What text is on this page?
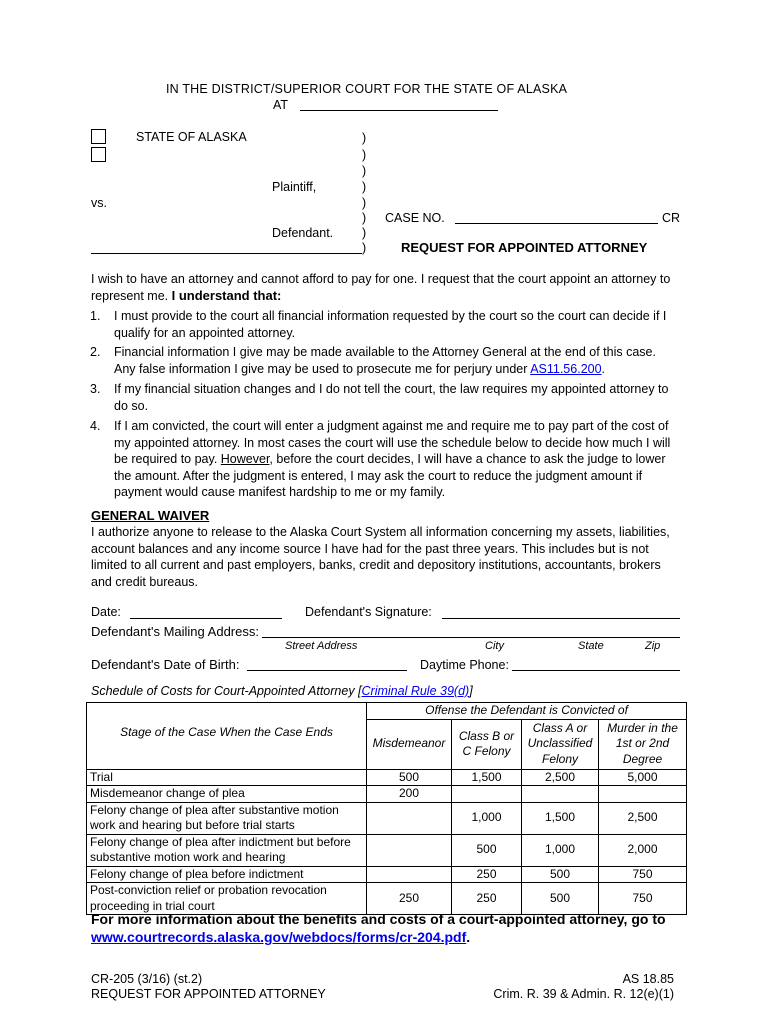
IN THE DISTRICT/SUPERIOR COURT FOR THE STATE OF ALASKA
AT
STATE OF ALASKA	)
)
)
)
)
)
)
)
Plaintiff,
vs.
CASE NO.	CR
Defendant.
REQUEST FOR APPOINTED ATTORNEY
I wish to have an attorney and cannot afford to pay for one. I request that the court appoint an attorney to represent me. I understand that:
1. I must provide to the court all financial information requested by the court so the court can decide if I qualify for an appointed attorney.
2. Financial information I give may be made available to the Attorney General at the end of this case. Any false information I give may be used to prosecute me for perjury under AS11.56.200.
3. If my financial situation changes and I do not tell the court, the law requires my appointed attorney to do so.
4. If I am convicted, the court will enter a judgment against me and require me to pay part of the cost of my appointed attorney. In most cases the court will use the schedule below to decide how much I will be required to pay. However, before the court decides, I will have a chance to ask the judge to lower the amount. After the judgment is entered, I may ask the court to reduce the judgment amount if payment would cause manifest hardship to me or my family.
GENERAL WAIVER
I authorize anyone to release to the Alaska Court System all information concerning my assets, liabilities, account balances and any income source I have had for the past three years. This includes but is not limited to all current and past employers, banks, credit and depository institutions, accountants, brokers and credit bureaus.
Date:	Defendant's Signature:
Defendant's Mailing Address:
Street Address	City	State	Zip
Defendant's Date of Birth:	Daytime Phone:
Schedule of Costs for Court-Appointed Attorney [Criminal Rule 39(d)]
Stage of the Case When the Case Ends	Offense the Defendant is Convicted of			
	Misdemeanor	Class B or C Felony	Class A or Unclassified Felony	Murder in the 1st or 2nd Degree
Trial	500	1,500	2,500	5,000
Misdemeanor change of plea	200			
Felony change of plea after substantive motion work and hearing but before trial starts		1,000	1,500	2,500
Felony change of plea after indictment but before substantive motion work and hearing		500	1,000	2,000
Felony change of plea before indictment		250	500	750
Post-conviction relief or probation revocation proceeding in trial court	250	250	500	750
For more information about the benefits and costs of a court-appointed attorney, go to www.courtrecords.alaska.gov/webdocs/forms/cr-204.pdf.
CR-205 (3/16) (st.2)
REQUEST FOR APPOINTED ATTORNEY
AS 18.85
Crim. R. 39 & Admin. R. 12(e)(1)
